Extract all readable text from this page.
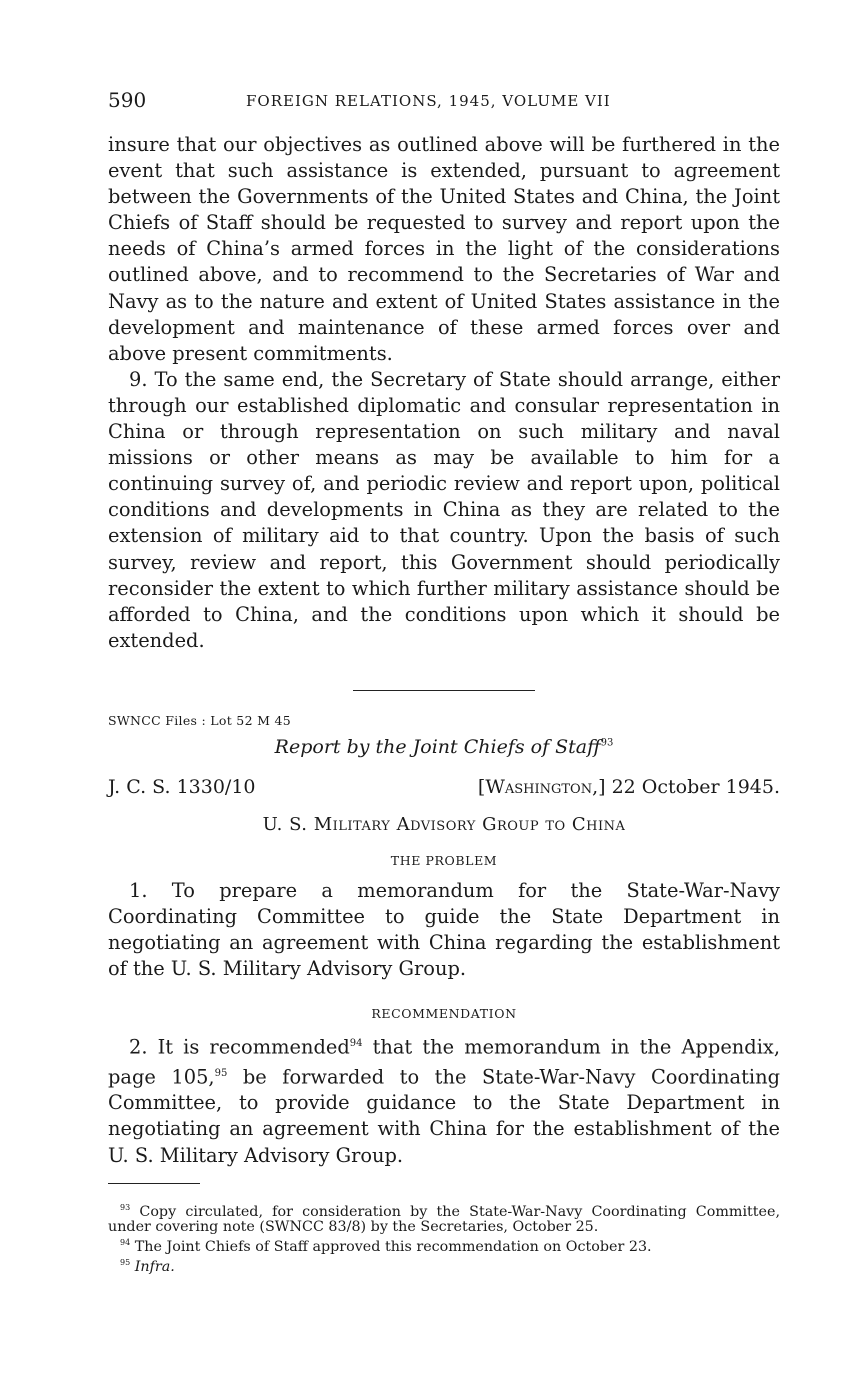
590	FOREIGN RELATIONS, 1945, VOLUME VII

insure that our objectives as outlined above will be furthered in the event that such assistance is extended, pursuant to agreement between the Governments of the United States and China, the Joint Chiefs of Staff should be requested to survey and report upon the needs of China’s armed forces in the light of the considerations outlined above, and to recommend to the Secretaries of War and Navy as to the nature and extent of United States assistance in the development and maintenance of these armed forces over and above present commitments.

9. To the same end, the Secretary of State should arrange, either through our established diplomatic and consular representation in China or through representation on such military and naval missions or other means as may be available to him for a continuing survey of, and periodic review and report upon, political conditions and developments in China as they are related to the extension of military aid to that country. Upon the basis of such survey, review and report, this Government should periodically reconsider the extent to which further military assistance should be afforded to China, and the conditions upon which it should be extended.

SWNCC Files : Lot 52 M 45
Report by the Joint Chiefs of Staff$^{93}$
J. C. S. 1330/10	[Washington,] 22 October 1945.
U. S. Military Advisory Group to China
THE PROBLEM

1. To prepare a memorandum for the State-War-Navy Coordinating Committee to guide the State Department in negotiating an agreement with China regarding the establishment of the U. S. Military Advisory Group.

RECOMMENDATION

2. It is recommended$^{94}$ that the memorandum in the Appendix, page 105,95 be forwarded to the State-War-Navy Coordinating Committee, to provide guidance to the State Department in negotiating an agreement with China for the establishment of the U. S. Military Advisory Group.

$^{93}$ Copy circulated, for consideration by the State-War-Navy Coordinating Committee, under covering note (SWNCC 83/8) by the Secretaries, October 25.

$^{94}$ The Joint Chiefs of Staff approved this recommendation on October 23.

$^{95}$ Infra.
